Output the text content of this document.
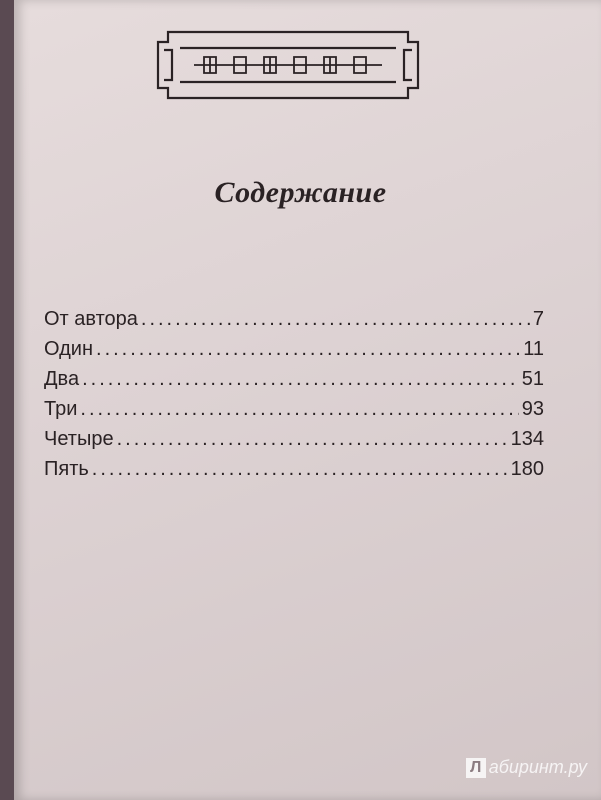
Содержание
От автора .....	7
Один .....	11
Два .....	51
Три .....	93
Четыре .....	134
Пять .....	180
Л абиринт.ру
